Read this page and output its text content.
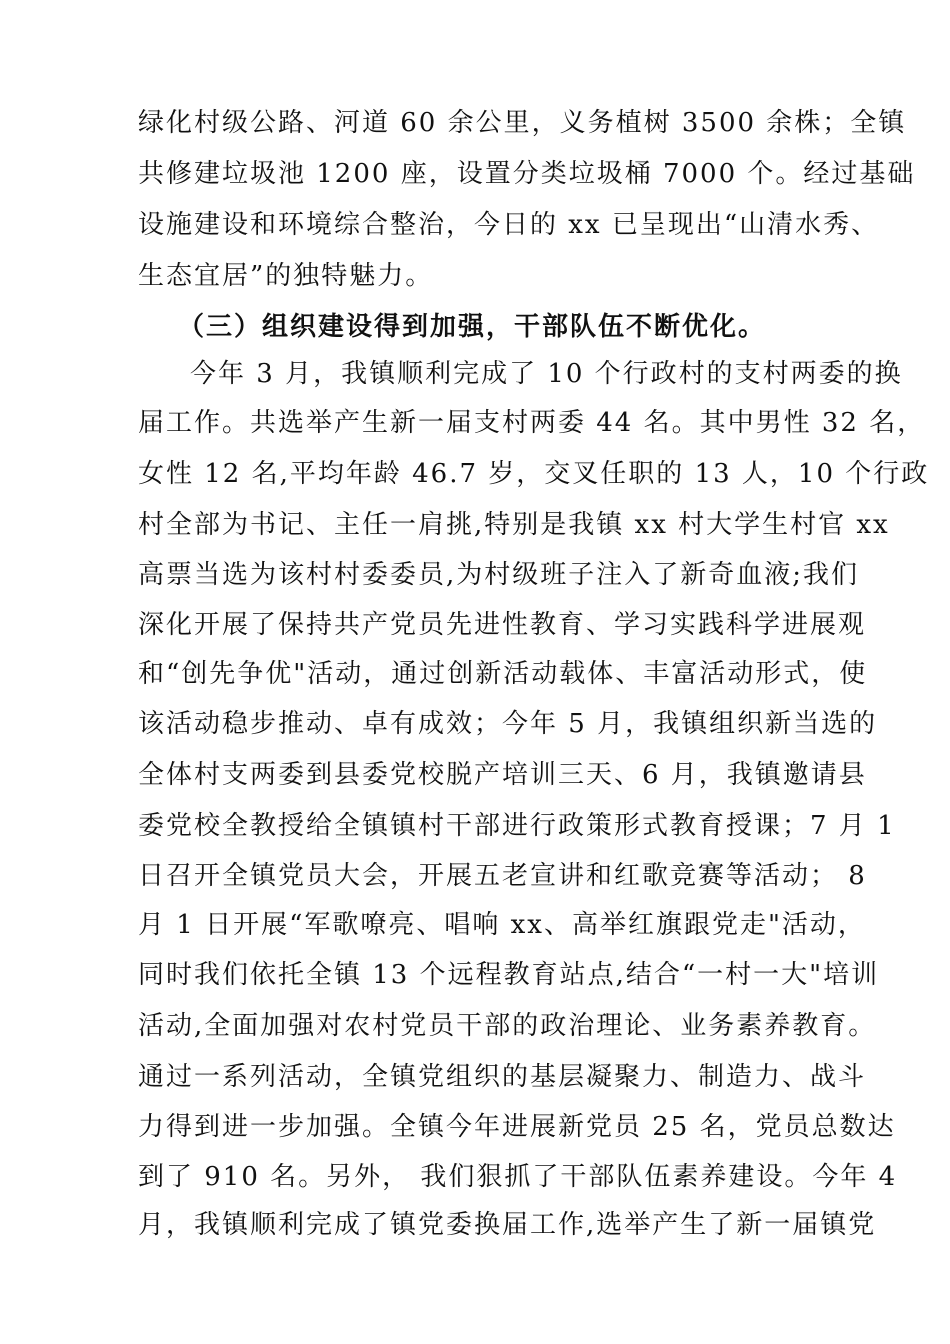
绿化村级公路、河道 60 余公里，义务植树 3500 余株；全镇
共修建垃圾池 1200 座，设置分类垃圾桶 7000 个。经过基础
设施建设和环境综合整治，今日的 xx 已呈现出“山清水秀、
生态宜居”的独特魅力。
（三）组织建设得到加强，干部队伍不断优化。
今年 3 月，我镇顺利完成了 10 个行政村的支村两委的换
届工作。共选举产生新一届支村两委 44 名。其中男性 32 名，
女性 12 名,平均年龄 46.7 岁，交叉任职的 13 人，10 个行政
村全部为书记、主任一肩挑,特别是我镇 xx 村大学生村官 xx
高票当选为该村村委委员,为村级班子注入了新奇血液;我们
深化开展了保持共产党员先进性教育、学习实践科学进展观
和“创先争优"活动，通过创新活动载体、丰富活动形式，使
该活动稳步推动、卓有成效；今年 5 月，我镇组织新当选的
全体村支两委到县委党校脱产培训三天、6 月，我镇邀请县
委党校全教授给全镇镇村干部进行政策形式教育授课；7 月 1
日召开全镇党员大会，开展五老宣讲和红歌竞赛等活动； 8
月 1 日开展“军歌嘹亮、唱响 xx、高举红旗跟党走"活动，
同时我们依托全镇 13 个远程教育站点,结合“一村一大"培训
活动,全面加强对农村党员干部的政治理论、业务素养教育。
通过一系列活动，全镇党组织的基层凝聚力、制造力、战斗
力得到进一步加强。全镇今年进展新党员 25 名，党员总数达
到了 910 名。另外， 我们狠抓了干部队伍素养建设。今年 4
月，我镇顺利完成了镇党委换届工作,选举产生了新一届镇党
